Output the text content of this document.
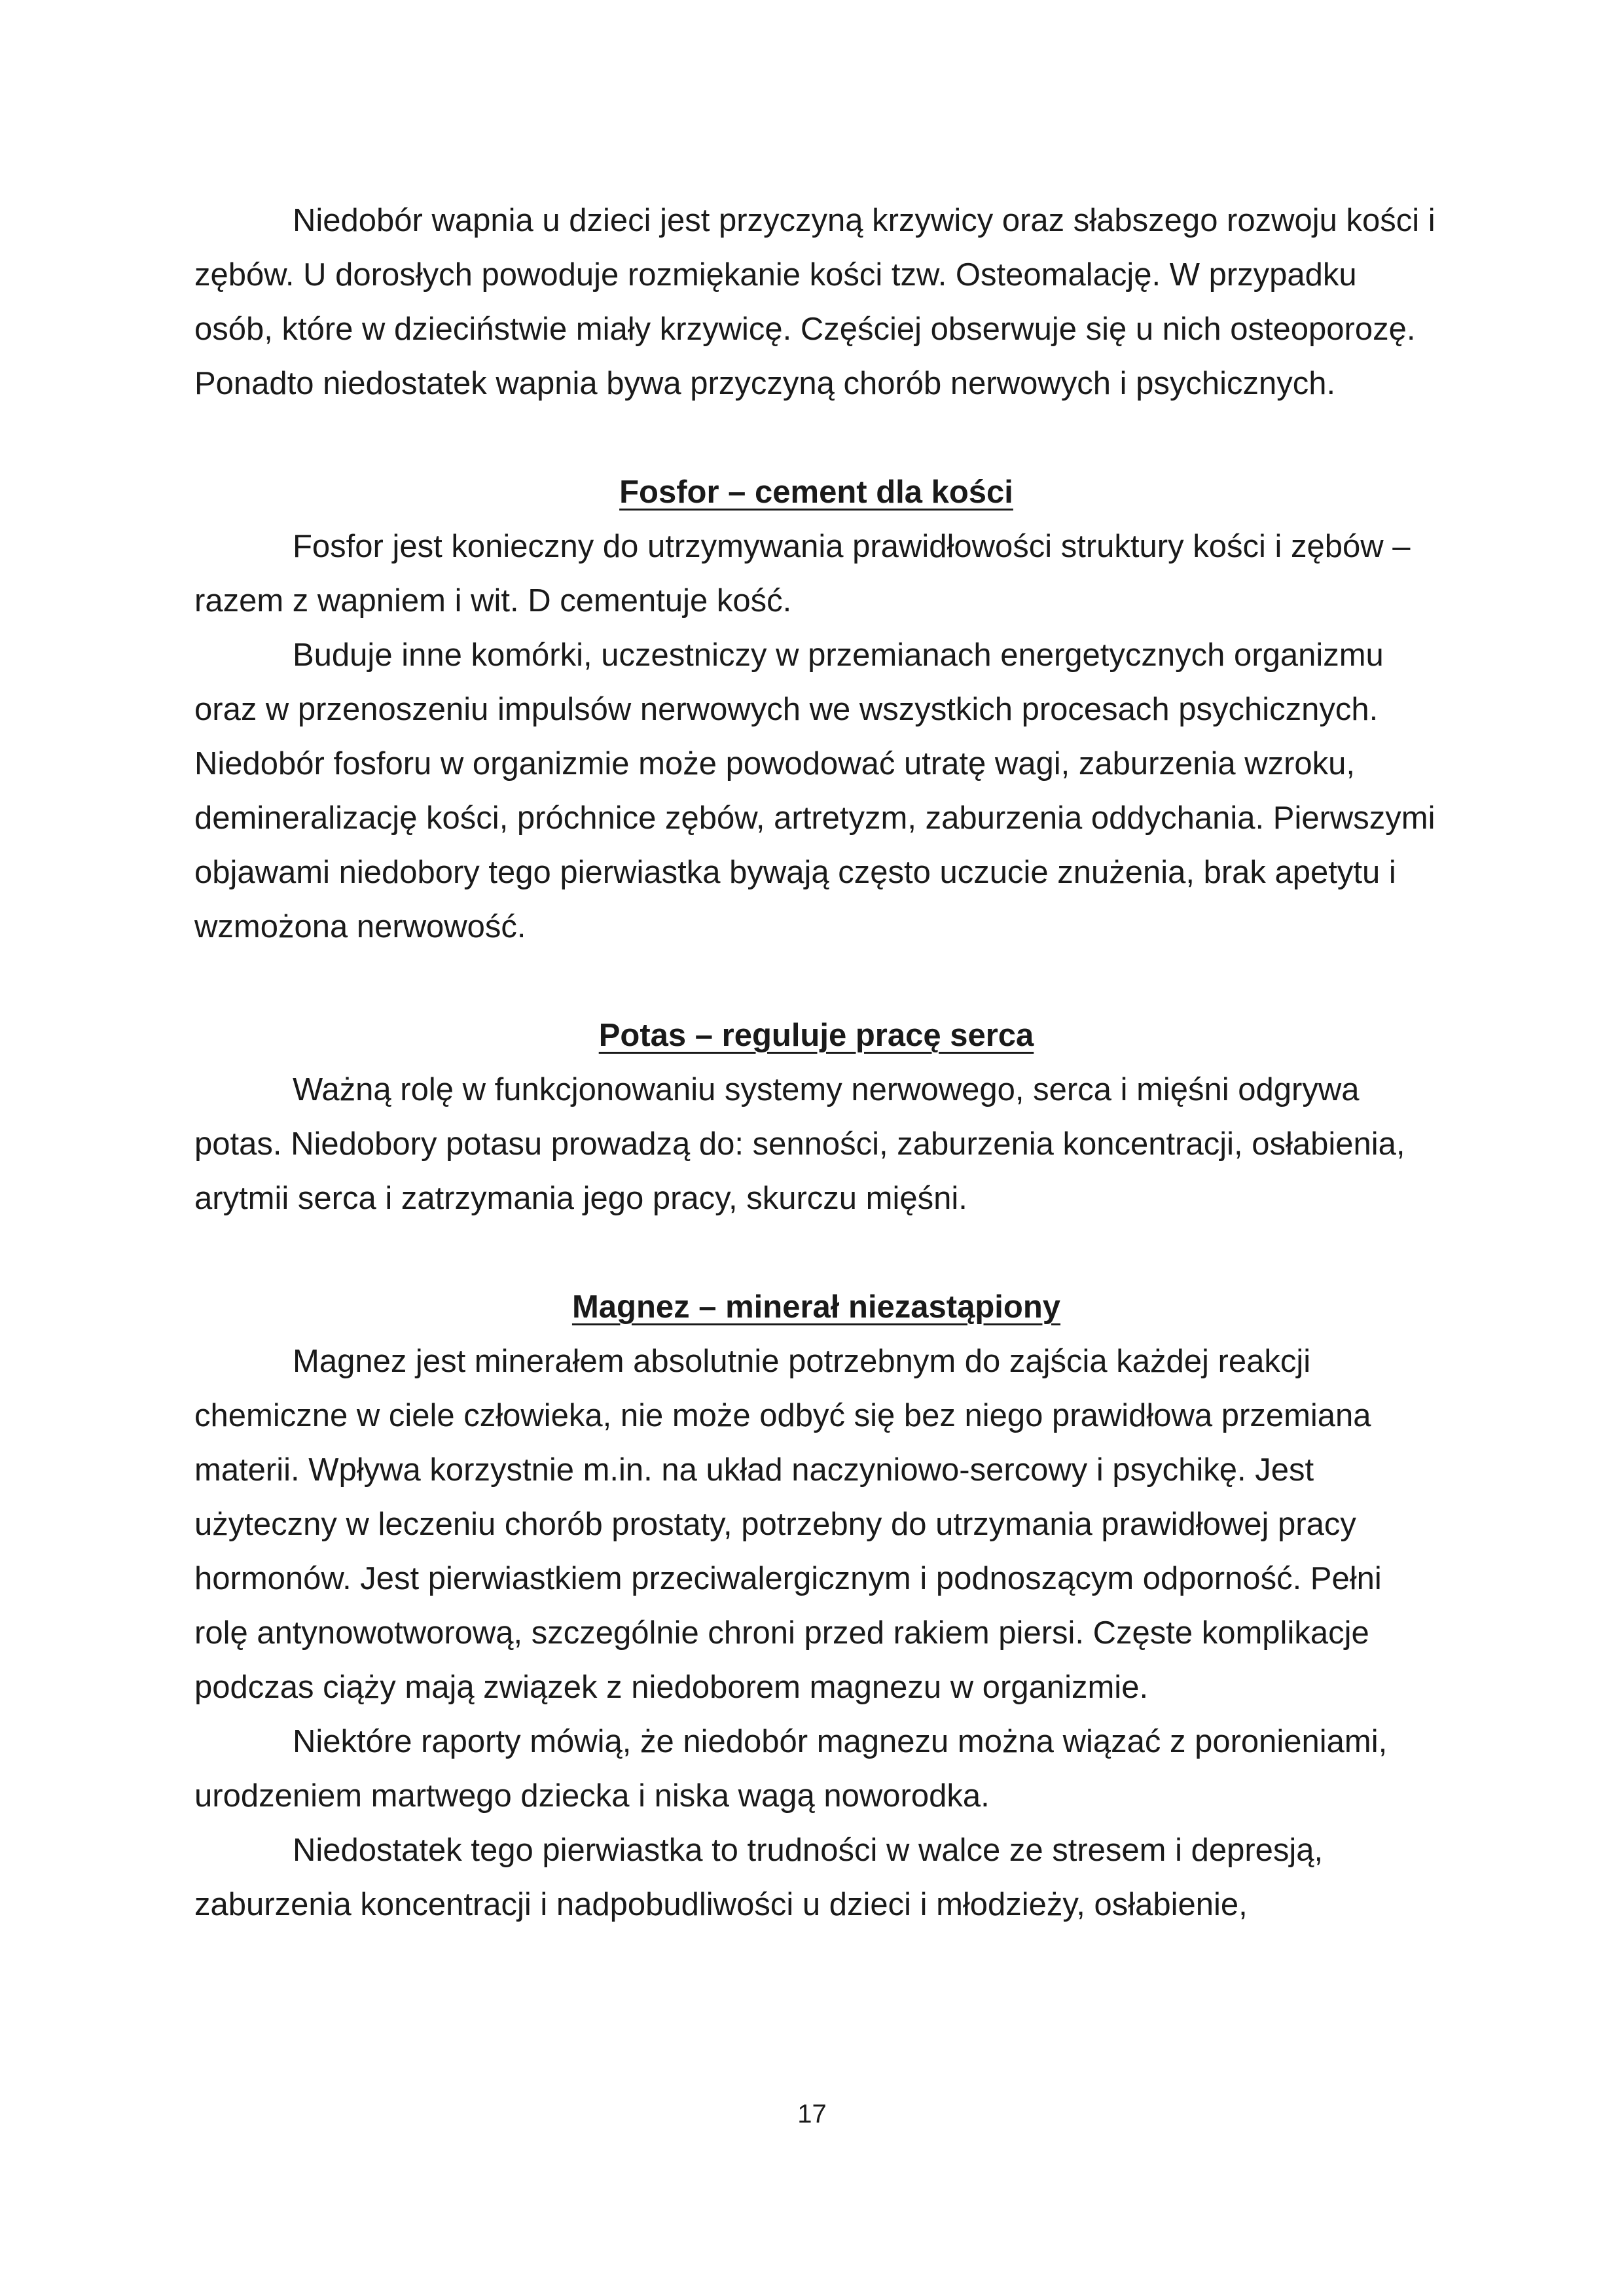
Niedobór wapnia u dzieci jest przyczyną krzywicy oraz słabszego rozwoju kości i zębów. U dorosłych powoduje rozmiękanie kości tzw. Osteomalację. W przypadku osób, które w dzieciństwie miały krzywicę. Częściej obserwuje się u nich osteoporozę. Ponadto niedostatek wapnia bywa przyczyną chorób nerwowych i psychicznych.

Fosfor – cement dla kości

Fosfor jest konieczny do utrzymywania prawidłowości struktury kości i zębów – razem z wapniem i wit. D cementuje kość.

Buduje inne komórki, uczestniczy w przemianach energetycznych organizmu oraz w przenoszeniu impulsów nerwowych we wszystkich procesach psychicznych. Niedobór fosforu w organizmie może powodować utratę wagi, zaburzenia wzroku, demineralizację kości, próchnice zębów, artretyzm, zaburzenia oddychania. Pierwszymi objawami niedobory tego pierwiastka bywają często uczucie znużenia, brak apetytu i wzmożona nerwowość.

Potas – reguluje pracę serca

Ważną rolę w funkcjonowaniu systemy nerwowego, serca i mięśni odgrywa potas. Niedobory potasu prowadzą do: senności, zaburzenia koncentracji, osłabienia, arytmii serca i zatrzymania jego pracy, skurczu mięśni.

Magnez – minerał niezastąpiony

Magnez jest minerałem absolutnie potrzebnym do zajścia każdej reakcji chemiczne w ciele człowieka, nie może odbyć się bez niego prawidłowa przemiana materii. Wpływa korzystnie m.in. na układ naczyniowo-sercowy i psychikę. Jest użyteczny w leczeniu chorób prostaty, potrzebny do utrzymania prawidłowej pracy hormonów. Jest pierwiastkiem przeciwalergicznym i podnoszącym odporność. Pełni rolę antynowotworową, szczególnie chroni przed rakiem piersi. Częste komplikacje podczas ciąży mają związek z niedoborem magnezu w organizmie.

Niektóre raporty mówią, że niedobór magnezu można wiązać z poronieniami, urodzeniem martwego dziecka i niska wagą noworodka.

Niedostatek tego pierwiastka to trudności w walce ze stresem i depresją, zaburzenia koncentracji i nadpobudliwości u dzieci i młodzieży, osłabienie,

17
